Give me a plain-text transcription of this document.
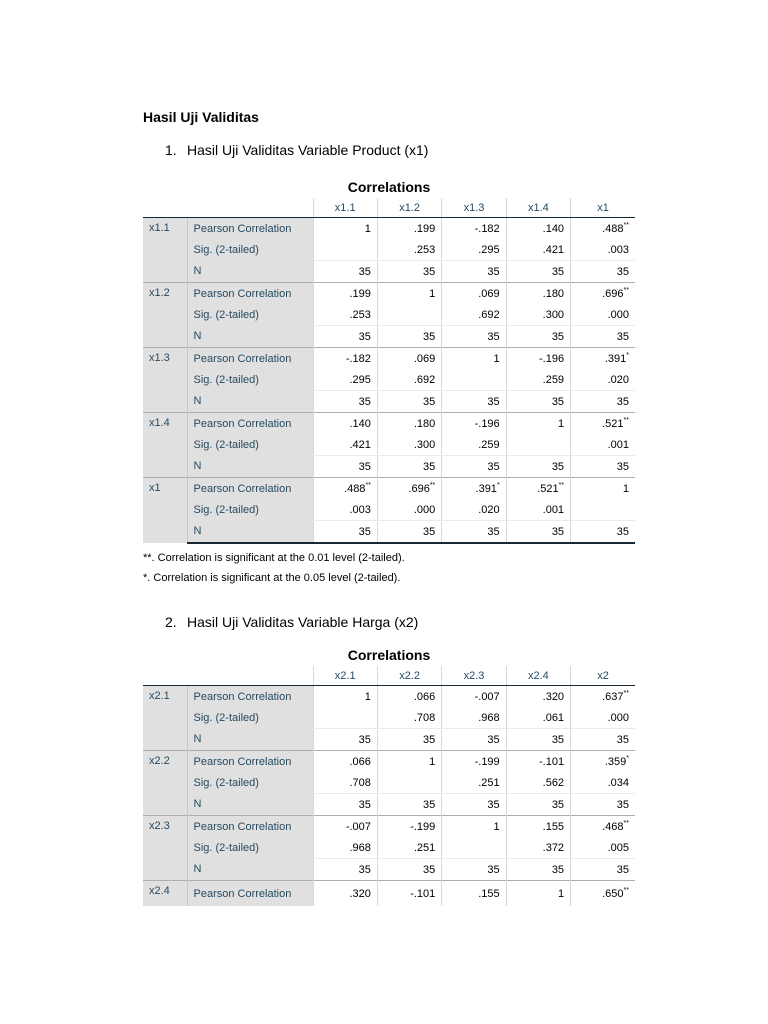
Hasil Uji Validitas
1. Hasil Uji Validitas Variable Product (x1)
Correlations
		x1.1	x1.2	x1.3	x1.4	x1
x1.1	Pearson Correlation	1	.199	-.182	.140	.488**
	Sig. (2-tailed)		.253	.295	.421	.003
	N	35	35	35	35	35
x1.2	Pearson Correlation	.199	1	.069	.180	.696**
	Sig. (2-tailed)	.253		.692	.300	.000
	N	35	35	35	35	35
x1.3	Pearson Correlation	-.182	.069	1	-.196	.391*
	Sig. (2-tailed)	.295	.692		.259	.020
	N	35	35	35	35	35
x1.4	Pearson Correlation	.140	.180	-.196	1	.521**
	Sig. (2-tailed)	.421	.300	.259		.001
	N	35	35	35	35	35
x1	Pearson Correlation	.488**	.696**	.391*	.521**	1
	Sig. (2-tailed)	.003	.000	.020	.001	
	N	35	35	35	35	35
**. Correlation is significant at the 0.01 level (2-tailed).
*. Correlation is significant at the 0.05 level (2-tailed).
2. Hasil Uji Validitas Variable Harga (x2)
Correlations
		x2.1	x2.2	x2.3	x2.4	x2
x2.1	Pearson Correlation	1	.066	-.007	.320	.637**
	Sig. (2-tailed)		.708	.968	.061	.000
	N	35	35	35	35	35
x2.2	Pearson Correlation	.066	1	-.199	-.101	.359*
	Sig. (2-tailed)	.708		.251	.562	.034
	N	35	35	35	35	35
x2.3	Pearson Correlation	-.007	-.199	1	.155	.468**
	Sig. (2-tailed)	.968	.251		.372	.005
	N	35	35	35	35	35
x2.4	Pearson Correlation	.320	-.101	.155	1	.650**
